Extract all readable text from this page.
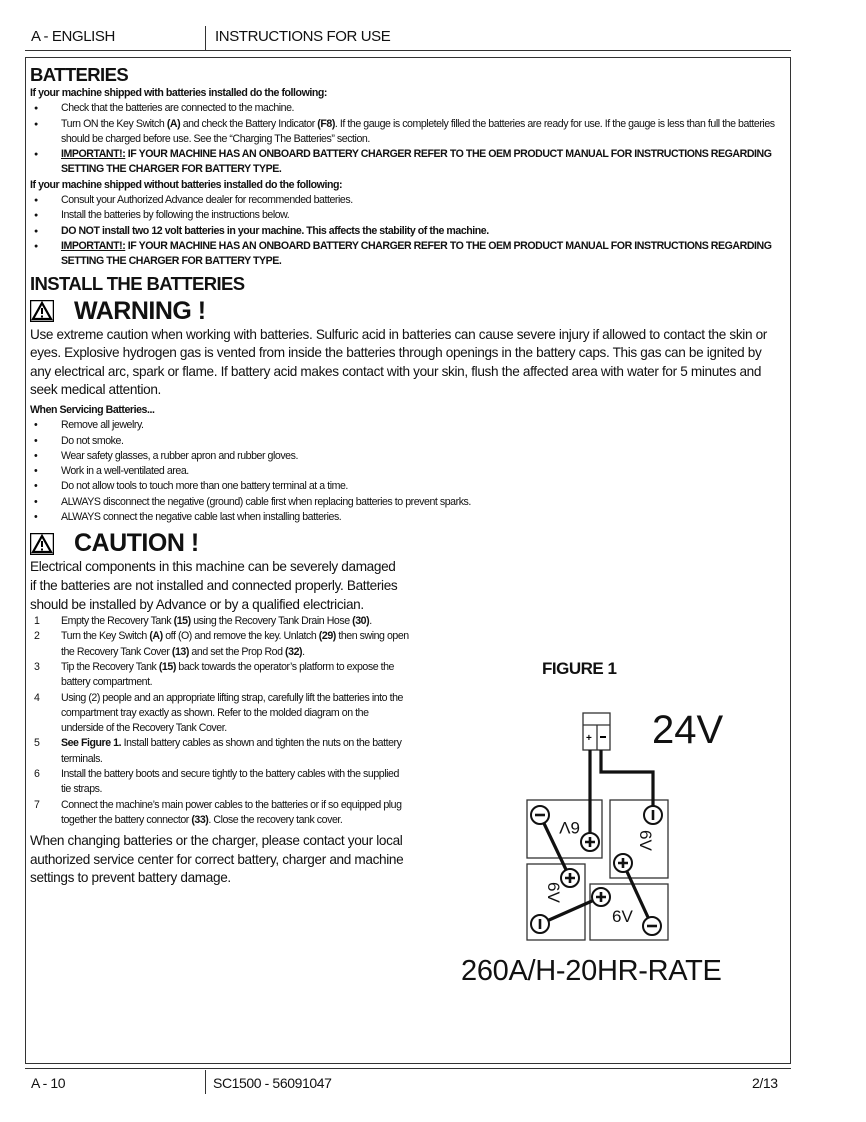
A - ENGLISH	INSTRUCTIONS FOR USE
BATTERIES
If your machine shipped with batteries installed do the following:
● Check that the batteries are connected to the machine.
● Turn ON the Key Switch (A) and check the Battery Indicator (F8). If the gauge is completely filled the batteries are ready for use. If the gauge is less than full the batteries should be charged before use. See the “Charging The Batteries” section.
● IMPORTANT!: IF YOUR MACHINE HAS AN ONBOARD BATTERY CHARGER REFER TO THE OEM PRODUCT MANUAL FOR INSTRUCTIONS REGARDING SETTING THE CHARGER FOR BATTERY TYPE.
If your machine shipped without batteries installed do the following:
● Consult your Authorized Advance dealer for recommended batteries.
● Install the batteries by following the instructions below.
● DO NOT install two 12 volt batteries in your machine. This affects the stability of the machine.
● IMPORTANT!: IF YOUR MACHINE HAS AN ONBOARD BATTERY CHARGER REFER TO THE OEM PRODUCT MANUAL FOR INSTRUCTIONS REGARDING SETTING THE CHARGER FOR BATTERY TYPE.
INSTALL THE BATTERIES
WARNING !
Use extreme caution when working with batteries. Sulfuric acid in batteries can cause severe injury if allowed to contact the skin or eyes. Explosive hydrogen gas is vented from inside the batteries through openings in the battery caps. This gas can be ignited by any electrical arc, spark or flame. If battery acid makes contact with your skin, flush the affected area with water for 5 minutes and seek medical attention.
When Servicing Batteries...
• Remove all jewelry.
• Do not smoke.
• Wear safety glasses, a rubber apron and rubber gloves.
• Work in a well-ventilated area.
• Do not allow tools to touch more than one battery terminal at a time.
• ALWAYS disconnect the negative (ground) cable first when replacing batteries to prevent sparks.
• ALWAYS connect the negative cable last when installing batteries.
CAUTION !
Electrical components in this machine can be severely damaged if the batteries are not installed and connected properly. Batteries should be installed by Advance or by a qualified electrician.
1 Empty the Recovery Tank (15) using the Recovery Tank Drain Hose (30).
2 Turn the Key Switch (A) off (O) and remove the key. Unlatch (29) then swing open the Recovery Tank Cover (13) and set the Prop Rod (32).
3 Tip the Recovery Tank (15) back towards the operator’s platform to expose the battery compartment.
4 Using (2) people and an appropriate lifting strap, carefully lift the batteries into the compartment tray exactly as shown. Refer to the molded diagram on the underside of the Recovery Tank Cover.
5 See Figure 1. Install battery cables as shown and tighten the nuts on the battery terminals.
6 Install the battery boots and secure tightly to the battery cables with the supplied tie straps.
7 Connect the machine’s main power cables to the batteries or if so equipped plug together the battery connector (33). Close the recovery tank cover.
When changing batteries or the charger, please contact your local authorized service center for correct battery, charger and machine settings to prevent battery damage.
FIGURE 1
24V
260A/H-20HR-RATE
+
6V
6V
6V
6V
A - 10	SC1500 - 56091047	2/13
